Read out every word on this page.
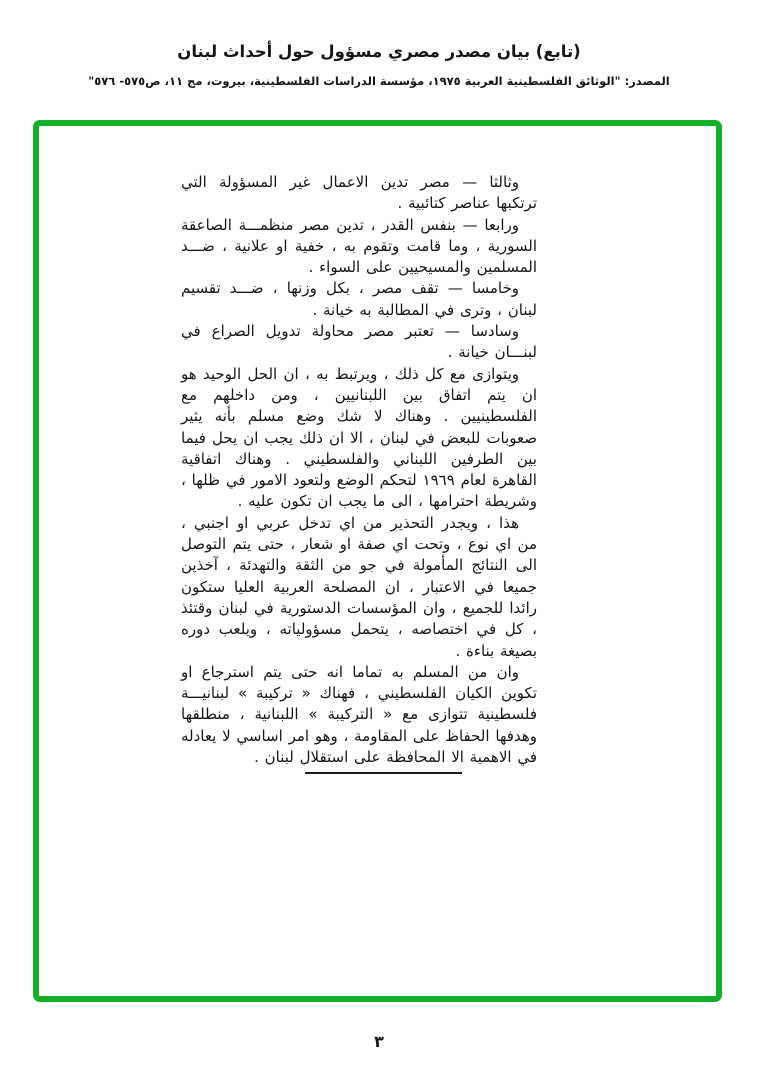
(تابع) بيان مصدر مصري مسؤول حول أحداث لبنان
المصدر: "الوثائق الفلسطينية العربية ١٩٧٥، مؤسسة الدراسات الفلسطينية، بيروت، مج ١١، ص٥٧٥- ٥٧٦"

وثالثا — مصر تدين الاعمال غير المسؤولة التي ترتكبها عناصر كتائبية .

ورابعا — بنفس القدر ، تدين مصر منظمـــة الصاعقة السورية ، وما قامت وتقوم به ، خفية او علانية ، ضـــد المسلمين والمسيحيين على السواء .

وخامسا — تقف مصر ، بكل وزنها ، ضـــد تقسيم لبنان ، وترى في المطالبة به خيانة .

وسادسا — تعتبر مصر محاولة تدويل الصراع في لبنـــان خيانة .

ويتوازى مع كل ذلك ، ويرتبط به ، ان الحل الوحيد هو ان يتم اتفاق بين اللبنانيين ، ومن داخلهم مع الفلسطينيين . وهناك لا شك وضع مسلم بأنه يثير صعوبات للبعض في لبنان ، الا ان ذلك يجب ان يحل فيما بين الطرفين اللبناني والفلسطيني . وهناك اتفاقية القاهرة لعام ١٩٦٩ لتحكم الوضع ولتعود الامور في ظلها ، وشريطة احترامها ، الى ما يجب ان تكون عليه .

هذا ، ويجدر التحذير من اي تدخل عربي او اجنبي ، من اي نوع ، وتحت اي صفة او شعار ، حتى يتم التوصل الى النتائج المأمولة في جو من الثقة والتهدئة ، آخذين جميعا في الاعتبار ، ان المصلحة العربية العليا ستكون رائدا للجميع ، وان المؤسسات الدستورية في لبنان وقتئذ ، كل في اختصاصه ، يتحمل مسؤولياته ، ويلعب دوره بصيغة بناءة .

وان من المسلم به تماما انه حتى يتم استرجاع او تكوين الكيان الفلسطيني ، فهناك « تركيبة » لبنانيـــة فلسطينية تتوازى مع « التركيبة » اللبنانية ، منطلقها وهدفها الحفاظ على المقاومة ، وهو امر اساسي لا يعادله في الاهمية الا المحافظة على استقلال لبنان .

٣
